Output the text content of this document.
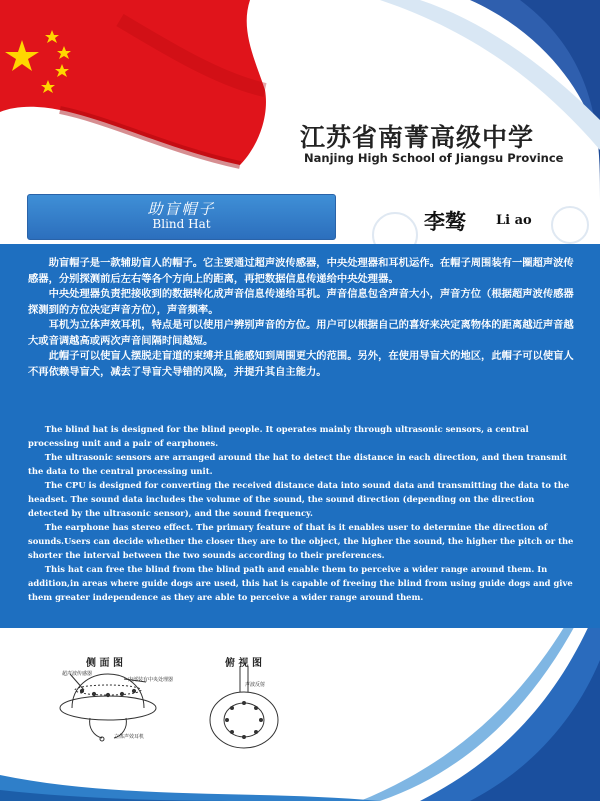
江苏省南菁高级中学
Nanjing High School of Jiangsu Province
助盲帽子
Blind Hat	李骜 Li ao

助盲帽子是一款辅助盲人的帽子。它主要通过超声波传感器，中央处理器和耳机运作。在帽子周围装有一圈超声波传感器，分别探测前后左右等各个方向上的距离，再把数据信息传递给中央处理器。

中央处理器负责把接收到的数据转化成声音信息传递给耳机。声音信息包含声音大小，声音方位（根据超声波传感器探测到的方位决定声音方位），声音频率。

耳机为立体声效耳机，特点是可以使用户辨别声音的方位。用户可以根据自己的喜好来决定离物体的距离越近声音越大或音调越高或两次声音间隔时间越短。

此帽子可以使盲人摆脱走盲道的束缚并且能感知到周围更大的范围。另外，在使用导盲犬的地区，此帽子可以使盲人不再依赖导盲犬，减去了导盲犬导错的风险，并提升其自主能力。

The blind hat is designed for the blind people. It operates mainly through ultrasonic sensors, a central processing unit and a pair of earphones.

The ultrasonic sensors are arranged around the hat to detect the distance in each direction, and then transmit the data to the central processing unit.

The CPU is designed for converting the received distance data into sound data and transmitting the data to the headset. The sound data includes the volume of the sound, the sound direction (depending on the direction detected by the ultrasonic sensor), and the sound frequency.

The earphone has stereo effect. The primary feature of that is it enables user to determine the direction of sounds.Users can decide whether the closer they are to the object, the higher the sound, the higher the pitch or the shorter the interval between the two sounds according to their preferences.

This hat can free the blind from the blind path and enable them to perceive a wider range around them. In addition,in areas where guide dogs are used, this hat is capable of freeing the blind from using guide dogs and give them greater independence as they are able to perceive a wider range around them.

侧 面 图	俯 视 图
超声波传感器
内部装有中央处理器
立体声效耳机
声波反射
